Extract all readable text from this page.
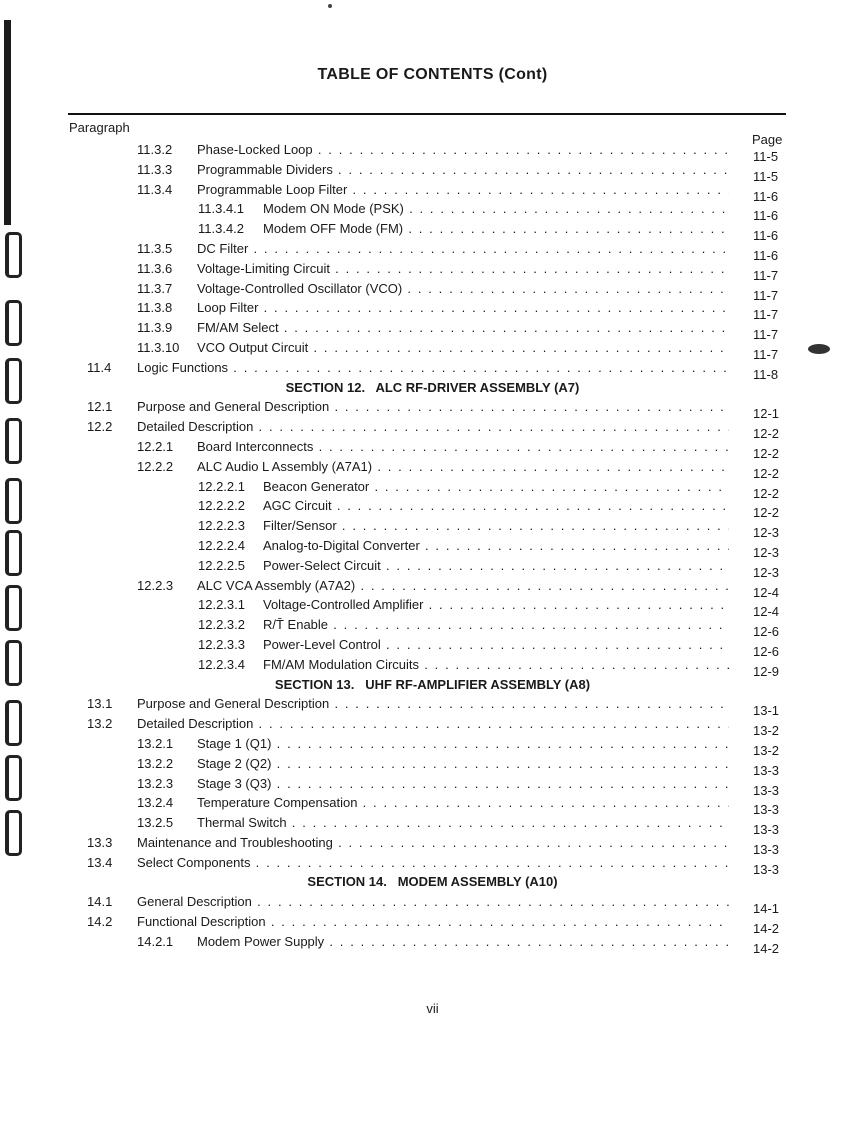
TABLE OF CONTENTS (Cont)
Paragraph
Page
11.3.2 Phase-Locked Loop . . .	11-5
11.3.3 Programmable Dividers . . .	11-5
11.3.4 Programmable Loop Filter . . .	11-6
11.3.4.1 Modem ON Mode (PSK) . . .	11-6
11.3.4.2 Modem OFF Mode (FM) . . .	11-6
11.3.5 DC Filter . . .	11-6
11.3.6 Voltage-Limiting Circuit . . .	11-7
11.3.7 Voltage-Controlled Oscillator (VCO) . . .	11-7
11.3.8 Loop Filter . . .	11-7
11.3.9 FM/AM Select . . .	11-7
11.3.10 VCO Output Circuit . . .	11-7
11.4 Logic Functions . . .	11-8
SECTION 12.   ALC RF-DRIVER ASSEMBLY (A7)
12.1 Purpose and General Description . . .	12-1
12.2 Detailed Description . . .	12-2
12.2.1 Board Interconnects . . .	12-2
12.2.2 ALC Audio L Assembly (A7A1) . . .	12-2
12.2.2.1 Beacon Generator . . .	12-2
12.2.2.2 AGC Circuit . . .	12-2
12.2.2.3 Filter/Sensor . . .	12-3
12.2.2.4 Analog-to-Digital Converter . . .	12-3
12.2.2.5 Power-Select Circuit . . .	12-3
12.2.3 ALC VCA Assembly (A7A2) . . .	12-4
12.2.3.1 Voltage-Controlled Amplifier . . .	12-4
12.2.3.2 R/T̄ Enable . . .	12-6
12.2.3.3 Power-Level Control . . .	12-6
12.2.3.4 FM/AM Modulation Circuits . . .	12-9
SECTION 13.   UHF RF-AMPLIFIER ASSEMBLY (A8)
13.1 Purpose and General Description . . .	13-1
13.2 Detailed Description . . .	13-2
13.2.1 Stage 1 (Q1) . . .	13-2
13.2.2 Stage 2 (Q2) . . .	13-3
13.2.3 Stage 3 (Q3) . . .	13-3
13.2.4 Temperature Compensation . . .	13-3
13.2.5 Thermal Switch . . .	13-3
13.3 Maintenance and Troubleshooting . . .	13-3
13.4 Select Components . . .	13-3
SECTION 14.   MODEM ASSEMBLY (A10)
14.1 General Description . . .	14-1
14.2 Functional Description . . .	14-2
14.2.1 Modem Power Supply . . .	14-2
vii
